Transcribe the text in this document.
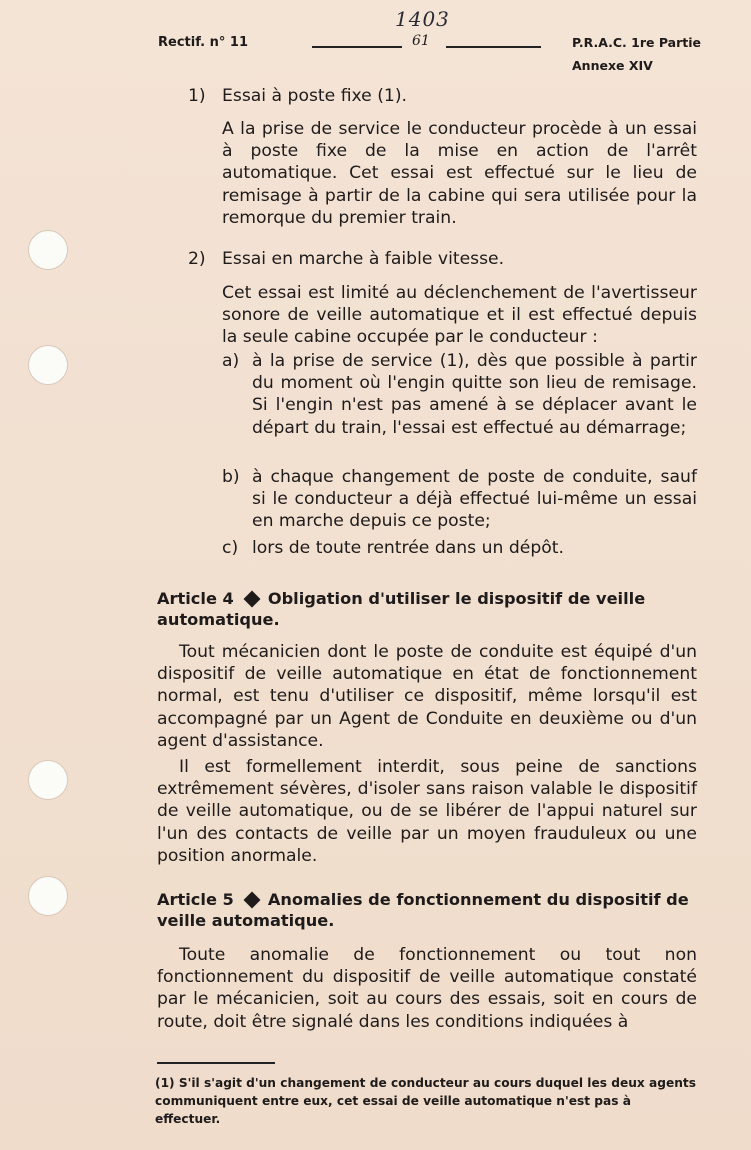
Rectif. n° 11
1403
61	P.R.A.C. 1re Partie
Annexe XIV
1) Essai à poste fixe (1).

A la prise de service le conducteur procède à un essai à poste fixe de la mise en action de l'arrêt automatique. Cet essai est effectué sur le lieu de remisage à partir de la cabine qui sera utilisée pour la remorque du premier train.

2) Essai en marche à faible vitesse.

Cet essai est limité au déclenchement de l'avertisseur sonore de veille automatique et il est effectué depuis la seule cabine occupée par le conducteur :

a) à la prise de service (1), dès que possible à partir du moment où l'engin quitte son lieu de remisage. Si l'engin n'est pas amené à se déplacer avant le départ du train, l'essai est effectué au démarrage;

b) à chaque changement de poste de conduite, sauf si le conducteur a déjà effectué lui-même un essai en marche depuis ce poste;

c) lors de toute rentrée dans un dépôt.

Article 4 Obligation d'utiliser le dispositif de veille automatique.

Tout mécanicien dont le poste de conduite est équipé d'un dispositif de veille automatique en état de fonctionnement normal, est tenu d'utiliser ce dispositif, même lorsqu'il est accompagné par un Agent de Conduite en deuxième ou d'un agent d'assistance.

Il est formellement interdit, sous peine de sanctions extrêmement sévères, d'isoler sans raison valable le dispositif de veille automatique, ou de se libérer de l'appui naturel sur l'un des contacts de veille par un moyen frauduleux ou une position anormale.

Article 5 Anomalies de fonctionnement du dispositif de veille automatique.

Toute anomalie de fonctionnement ou tout non fonctionnement du dispositif de veille automatique constaté par le mécanicien, soit au cours des essais, soit en cours de route, doit être signalé dans les conditions indiquées à

(1) S'il s'agit d'un changement de conducteur au cours duquel les deux agents communiquent entre eux, cet essai de veille automatique n'est pas à effectuer.
